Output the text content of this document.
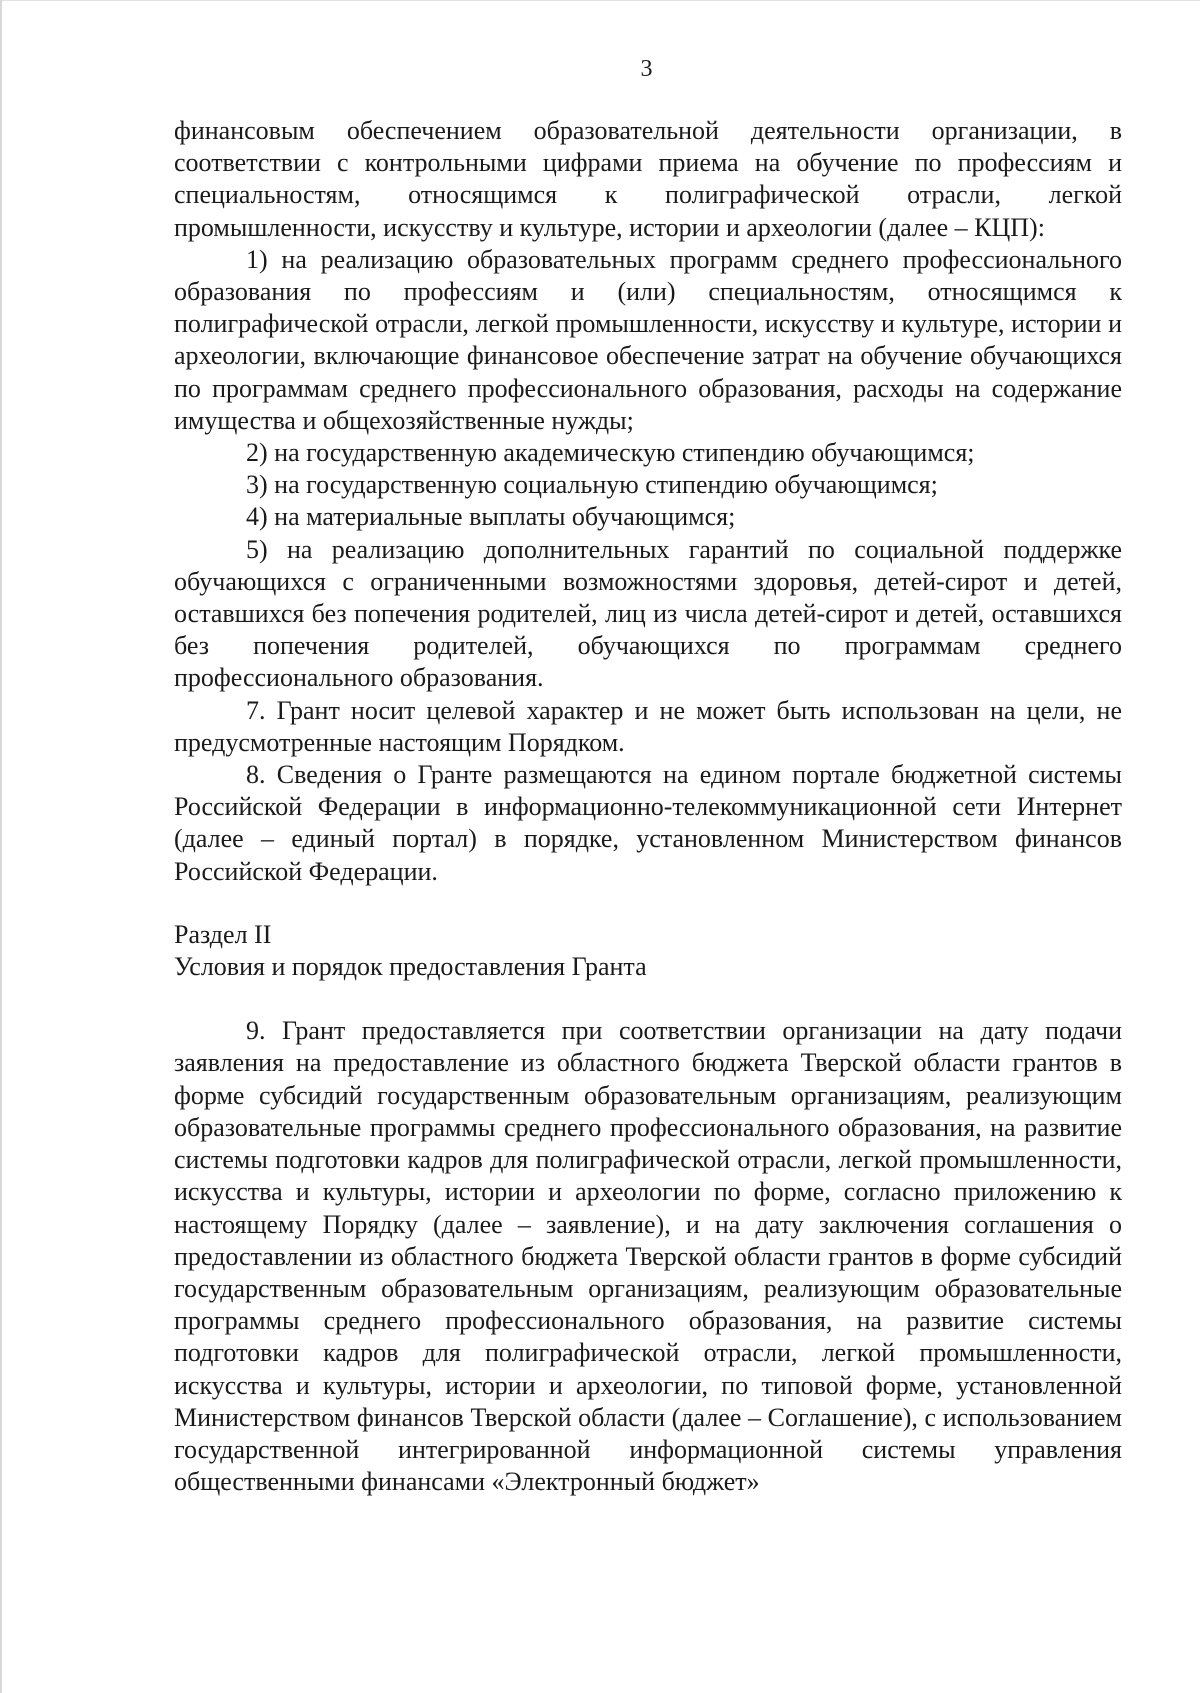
3

финансовым обеспечением образовательной деятельности организации, в соответствии с контрольными цифрами приема на обучение по профессиям и специальностям, относящимся к полиграфической отрасли, легкой промышленности, искусству и культуре, истории и археологии (далее – КЦП):

1) на реализацию образовательных программ среднего профессионального образования по профессиям и (или) специальностям, относящимся к полиграфической отрасли, легкой промышленности, искусству и культуре, истории и археологии, включающие финансовое обеспечение затрат на обучение обучающихся по программам среднего профессионального образования, расходы на содержание имущества и общехозяйственные нужды;

2) на государственную академическую стипендию обучающимся;

3) на государственную социальную стипендию обучающимся;

4) на материальные выплаты обучающимся;

5) на реализацию дополнительных гарантий по социальной поддержке обучающихся с ограниченными возможностями здоровья, детей-сирот и детей, оставшихся без попечения родителей, лиц из числа детей-сирот и детей, оставшихся без попечения родителей, обучающихся по программам среднего профессионального образования.

7. Грант носит целевой характер и не может быть использован на цели, не предусмотренные настоящим Порядком.

8. Сведения о Гранте размещаются на едином портале бюджетной системы Российской Федерации в информационно-телекоммуникационной сети Интернет (далее – единый портал) в порядке, установленном Министерством финансов Российской Федерации.

Раздел II

Условия и порядок предоставления Гранта

9. Грант предоставляется при соответствии организации на дату подачи заявления на предоставление из областного бюджета Тверской области грантов в форме субсидий государственным образовательным организациям, реализующим образовательные программы среднего профессионального образования, на развитие системы подготовки кадров для полиграфической отрасли, легкой промышленности, искусства и культуры, истории и археологии по форме, согласно приложению к настоящему Порядку (далее – заявление), и на дату заключения соглашения о предоставлении из областного бюджета Тверской области грантов в форме субсидий государственным образовательным организациям, реализующим образовательные программы среднего профессионального образования, на развитие системы подготовки кадров для полиграфической отрасли, легкой промышленности, искусства и культуры, истории и археологии, по типовой форме, установленной Министерством финансов Тверской области (далее – Соглашение), с использованием государственной интегрированной информационной системы управления общественными финансами «Электронный бюджет»
